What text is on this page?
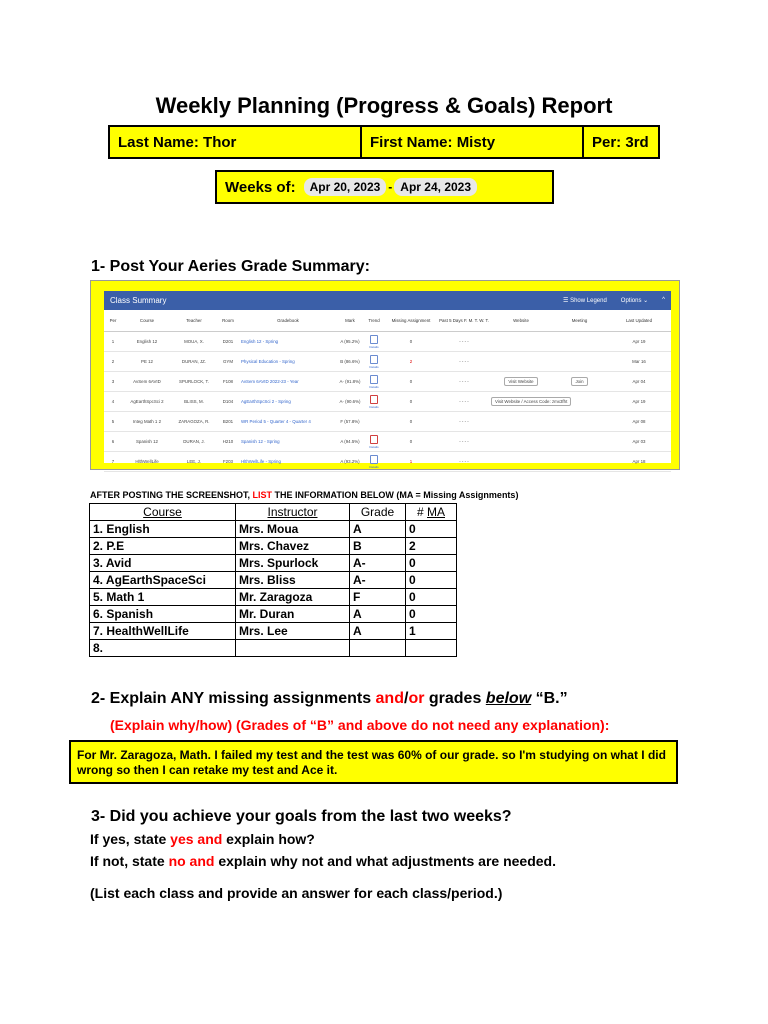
Weekly Planning (Progress & Goals) Report
Last Name: Thor	First Name: Misty	Per: 3rd
Weeks of:	Apr 20, 2023 - Apr 24, 2023
1- Post Your Aeries Grade Summary:
Class Summary	☰ Show Legend Options ⌄ ^
Per	Course	Teacher	Room	Gradebook	Mark	Trend	Missing Assignment	Past 5 Days F. M. T. W. T.	Website	Meeting	Last Updated
1	English 12	MOUA, X.	D201	English 12 - Spring	A (95.2%)	Details	0	- - - -			Apr 19
2	PE 12	DURAN, JZ.	GYM	Physical Education - Spring	B (86.6%)	Details	2	- - - -			Mar 16
3	AvSem 6AVID	SPURLOCK, T.	F108	AvSem 6AVID 2022-23 - Year	A- (91.8%)	Details	0	- - - -	Visit Website	Join	Apr 04
4	AgEarthSpcSci 2	BLISS, M.	D104	AgEarthSpcSci 2 - Spring	A- (90.6%)	Details	0	- - - -	Visit Website / Access Code: zmx3fht		Apr 19
5	Integ Math 1 2	ZARAGOZA, R.	B201	WR Period 5 - Quarter 4 - Quarter 4	F (57.8%)		0	- - - -			Apr 08
6	Spanish 12	DURAN, J.	H210	Spanish 12 - Spring	A (94.5%)	Details	0	- - - -			Apr 03
7	HlthWellLife	LEE, J.	F203	HlthWellLife - Spring	A (93.2%)	Details	1	- - - -			Apr 18
AFTER POSTING THE SCREENSHOT, LIST THE INFORMATION BELOW (MA = Missing Assignments)
Course	Instructor	Grade	# MA
1. English	Mrs. Moua	A	0
2. P.E	Mrs. Chavez	B	2
3. Avid	Mrs. Spurlock	A-	0
4. AgEarthSpaceSci	Mrs. Bliss	A-	0
5. Math 1	Mr. Zaragoza	F	0
6. Spanish	Mr. Duran	A	0
7. HealthWellLife	Mrs. Lee	A	1
8.			
2- Explain ANY missing assignments and/or grades below “B.”
(Explain why/how) (Grades of “B” and above do not need any explanation):
For Mr. Zaragoza, Math. I failed my test and the test was 60% of our grade. so I'm studying on what I did wrong so then I can retake my test and Ace it.
3- Did you achieve your goals from the last two weeks?
If yes, state yes and explain how?
If not, state no and explain why not and what adjustments are needed.
(List each class and provide an answer for each class/period.)
